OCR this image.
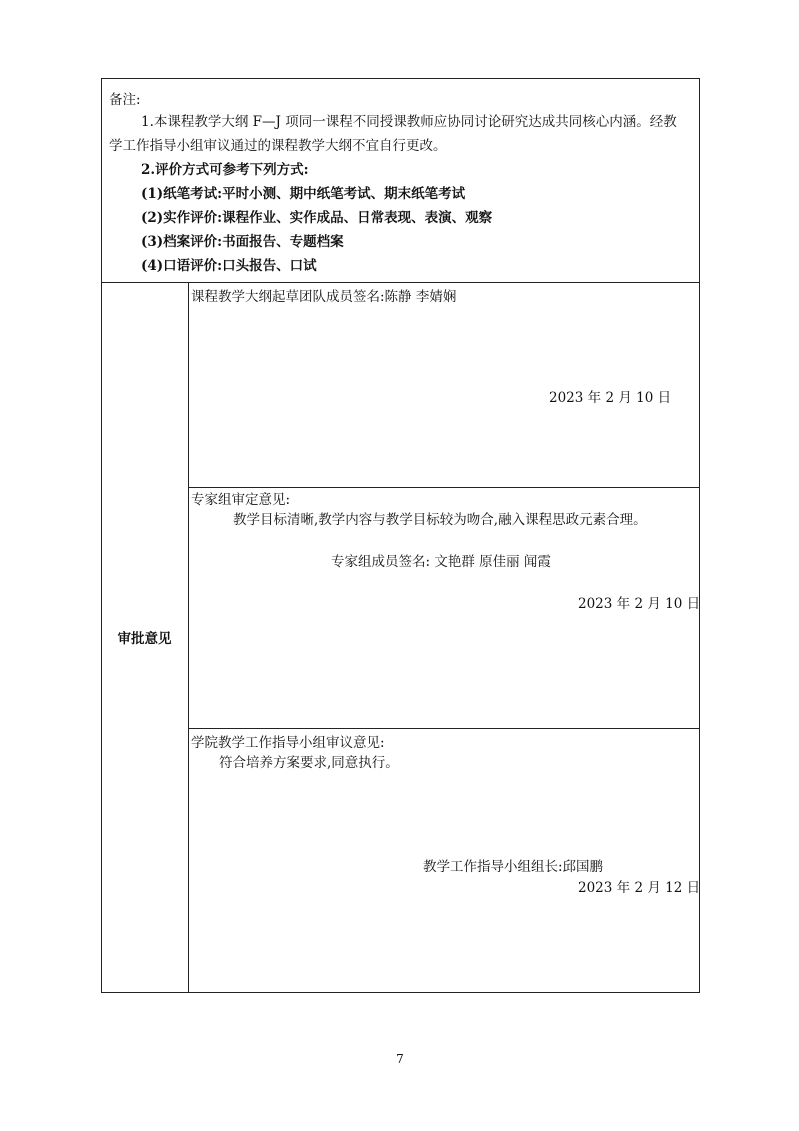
备注:
1.本课程教学大纲 F—J 项同一课程不同授课教师应协同讨论研究达成共同核心内涵。经教
学工作指导小组审议通过的课程教学大纲不宜自行更改。
2.评价方式可参考下列方式:
(1)纸笔考试:平时小测、期中纸笔考试、期末纸笔考试
(2)实作评价:课程作业、实作成品、日常表现、表演、观察
(3)档案评价:书面报告、专题档案
(4)口语评价:口头报告、口试
审批意见
课程教学大纲起草团队成员签名:陈静 李婧娴
2023 年 2 月 10 日
专家组审定意见:
教学目标清晰,教学内容与教学目标较为吻合,融入课程思政元素合理。
专家组成员签名: 文艳群 原佳丽 闻霞
2023 年 2 月 10 日
学院教学工作指导小组审议意见:
符合培养方案要求,同意执行。
教学工作指导小组组长:邱国鹏
2023 年 2 月 12 日
7
